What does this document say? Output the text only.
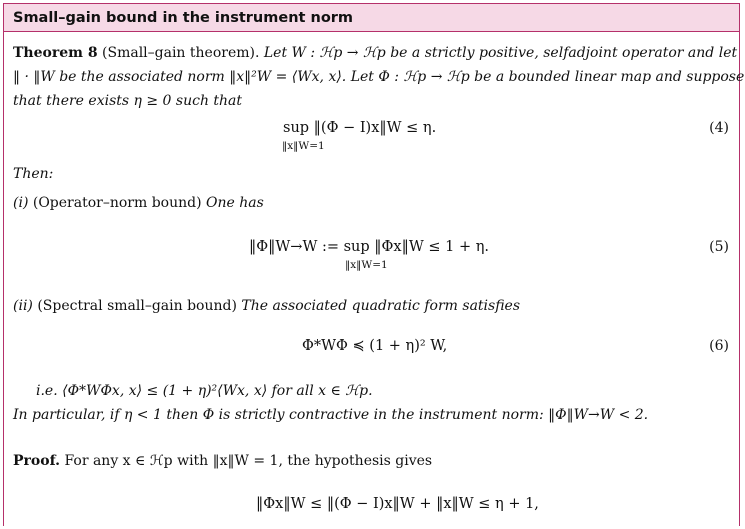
Small–gain bound in the instrument norm
Theorem 8 (Small–gain theorem). Let W : ℋp → ℋp be a strictly positive, selfadjoint operator and let
‖ · ‖W be the associated norm ‖x‖²W = ⟨Wx, x⟩. Let Φ : ℋp → ℋp be a bounded linear map and suppose
that there exists η ≥ 0 such that
sup ‖(Φ − I)x‖W ≤ η.
‖x‖W=1
(4)
Then:
(i) (Operator–norm bound) One has
‖Φ‖W→W := sup ‖Φx‖W ≤ 1 + η.
‖x‖W=1
(5)
(ii) (Spectral small–gain bound) The associated quadratic form satisfies
Φ*WΦ ≼ (1 + η)² W,	(6)
i.e. ⟨Φ*WΦx, x⟩ ≤ (1 + η)²⟨Wx, x⟩ for all x ∈ ℋp.
In particular, if η < 1 then Φ is strictly contractive in the instrument norm: ‖Φ‖W→W < 2.
Proof. For any x ∈ ℋp with ‖x‖W = 1, the hypothesis gives
‖Φx‖W ≤ ‖(Φ − I)x‖W + ‖x‖W ≤ η + 1,
